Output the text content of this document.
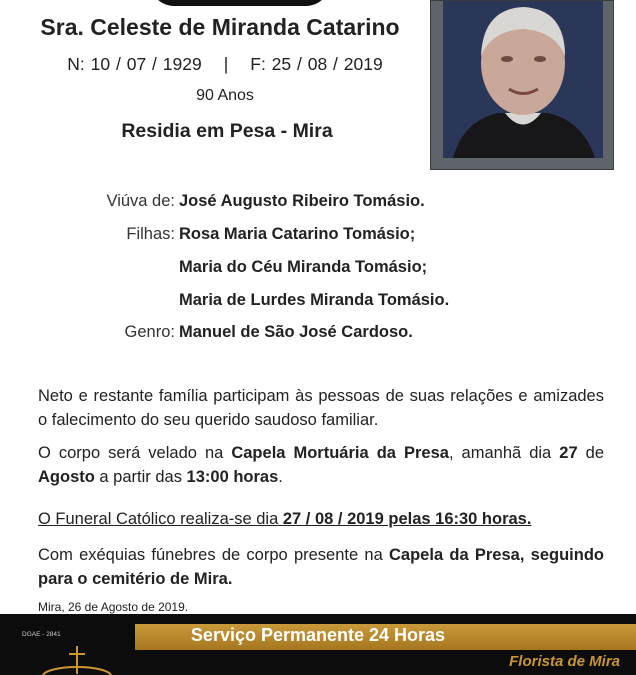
Sra. Celeste de Miranda Catarino
N: 10 / 07 / 1929 | F: 25 / 08 / 2019
90 Anos
Residia em Pesa - Mira
Viúva de: José Augusto Ribeiro Tomásio.
Filhas: Rosa Maria Catarino Tomásio;
Maria do Céu Miranda Tomásio;
Maria de Lurdes Miranda Tomásio.
Genro: Manuel de São José Cardoso.
Neto e restante família participam às pessoas de suas relações e amizades o falecimento do seu querido saudoso familiar.
O corpo será velado na Capela Mortuária da Presa, amanhã dia 27 de Agosto a partir das 13:00 horas.
O Funeral Católico realiza-se dia 27 / 08 / 2019 pelas 16:30 horas.
Com exéquias fúnebres de corpo presente na Capela da Presa, seguindo para o cemitério de Mira.
Mira, 26 de Agosto de 2019.
Serviço Permanente 24 Horas
DGAE - 2841
Florista de Mira
